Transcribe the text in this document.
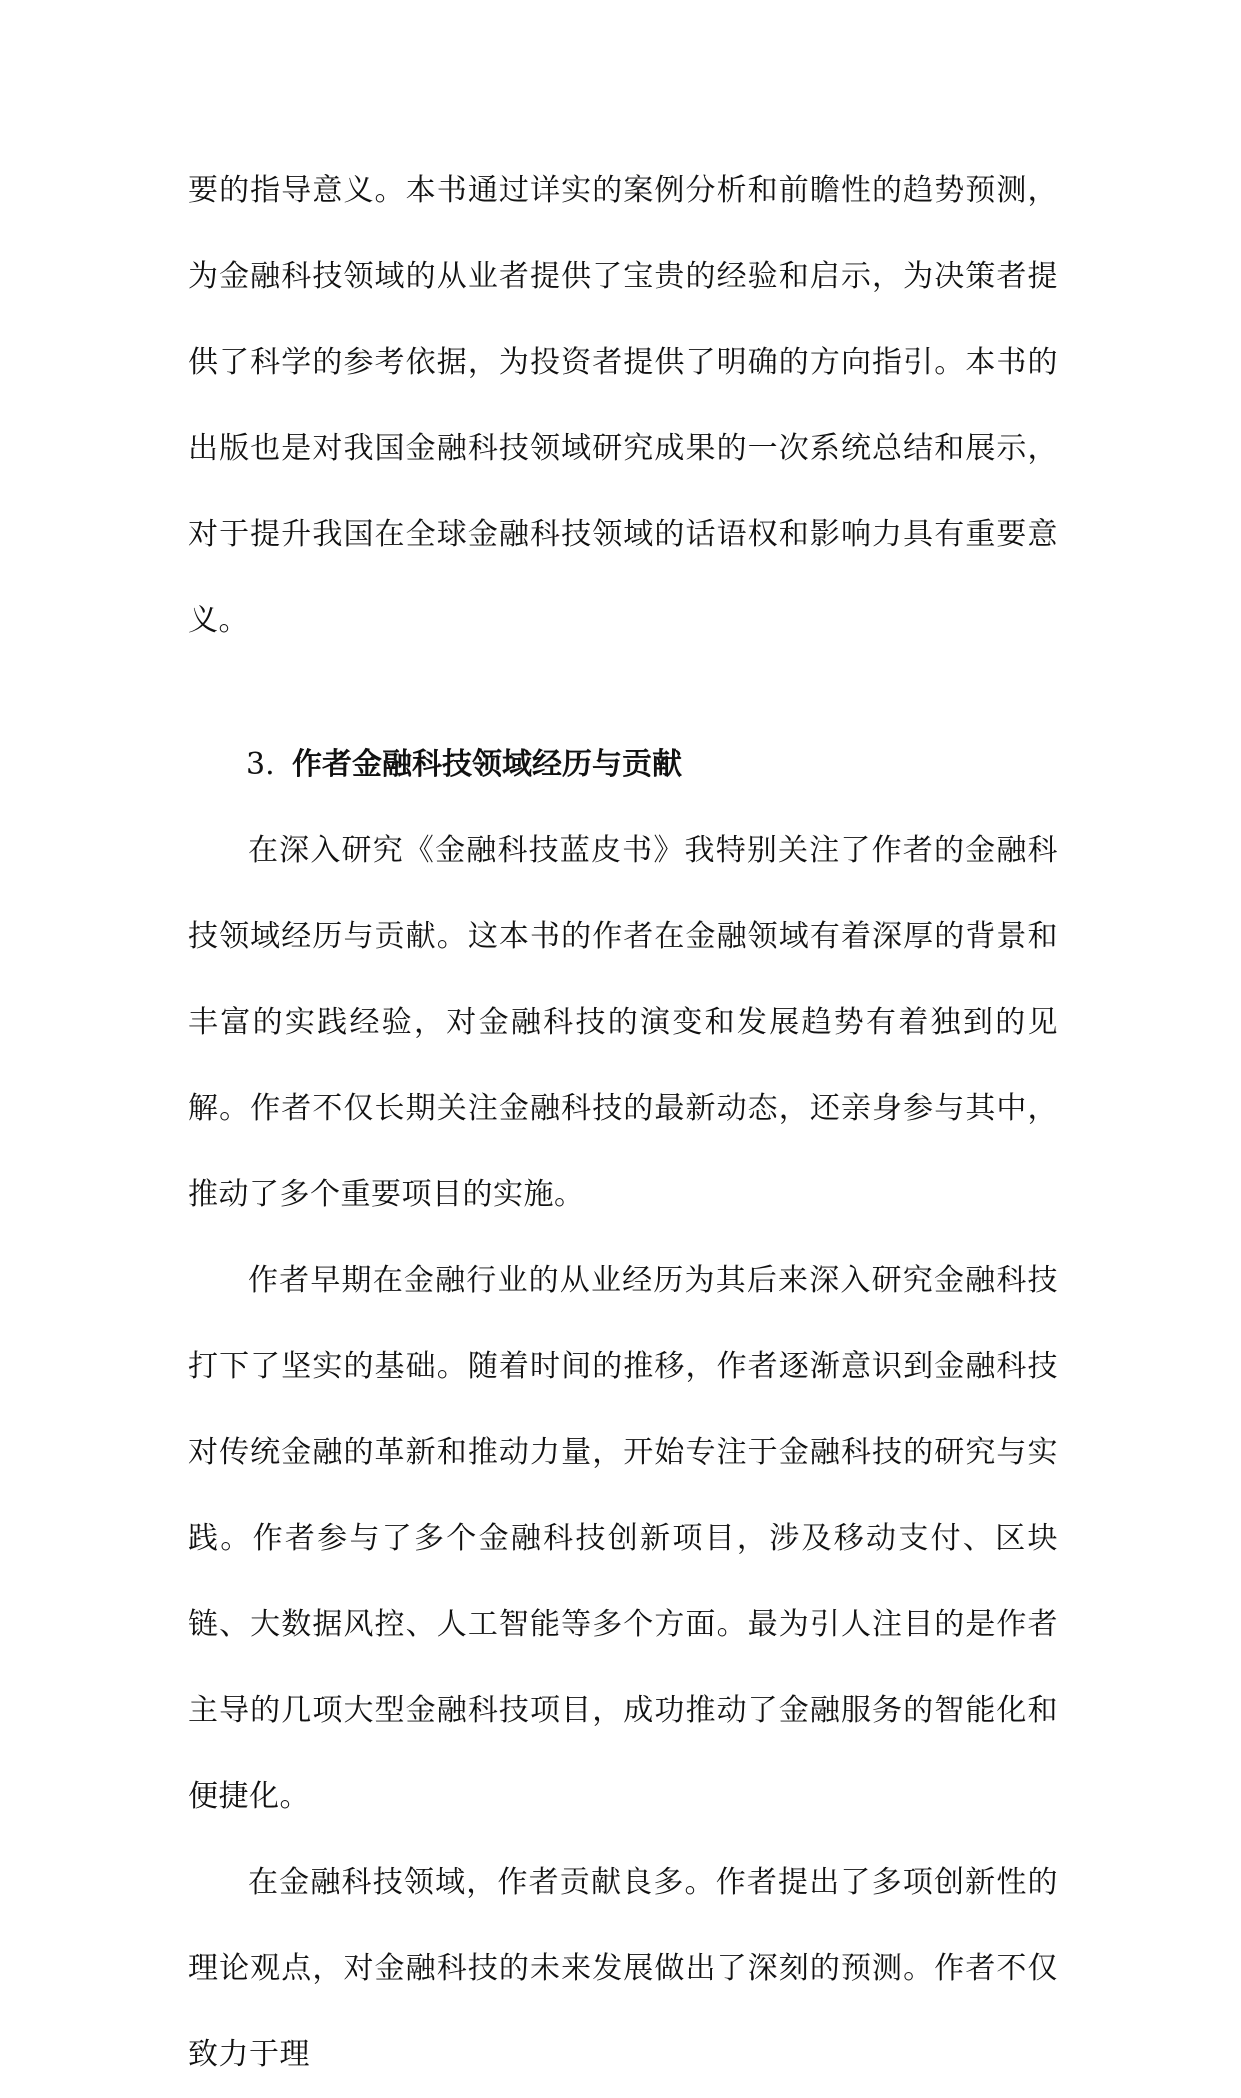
要的指导意义。本书通过详实的案例分析和前瞻性的趋势预测，为金融科技领域的从业者提供了宝贵的经验和启示，为决策者提供了科学的参考依据，为投资者提供了明确的方向指引。本书的出版也是对我国金融科技领域研究成果的一次系统总结和展示，对于提升我国在全球金融科技领域的话语权和影响力具有重要意义。

3. 作者金融科技领域经历与贡献

在深入研究《金融科技蓝皮书》我特别关注了作者的金融科技领域经历与贡献。这本书的作者在金融领域有着深厚的背景和丰富的实践经验，对金融科技的演变和发展趋势有着独到的见解。作者不仅长期关注金融科技的最新动态，还亲身参与其中，推动了多个重要项目的实施。

作者早期在金融行业的从业经历为其后来深入研究金融科技打下了坚实的基础。随着时间的推移，作者逐渐意识到金融科技对传统金融的革新和推动力量，开始专注于金融科技的研究与实践。作者参与了多个金融科技创新项目，涉及移动支付、区块链、大数据风控、人工智能等多个方面。最为引人注目的是作者主导的几项大型金融科技项目，成功推动了金融服务的智能化和便捷化。

在金融科技领域，作者贡献良多。作者提出了多项创新性的理论观点，对金融科技的未来发展做出了深刻的预测。作者不仅致力于理
